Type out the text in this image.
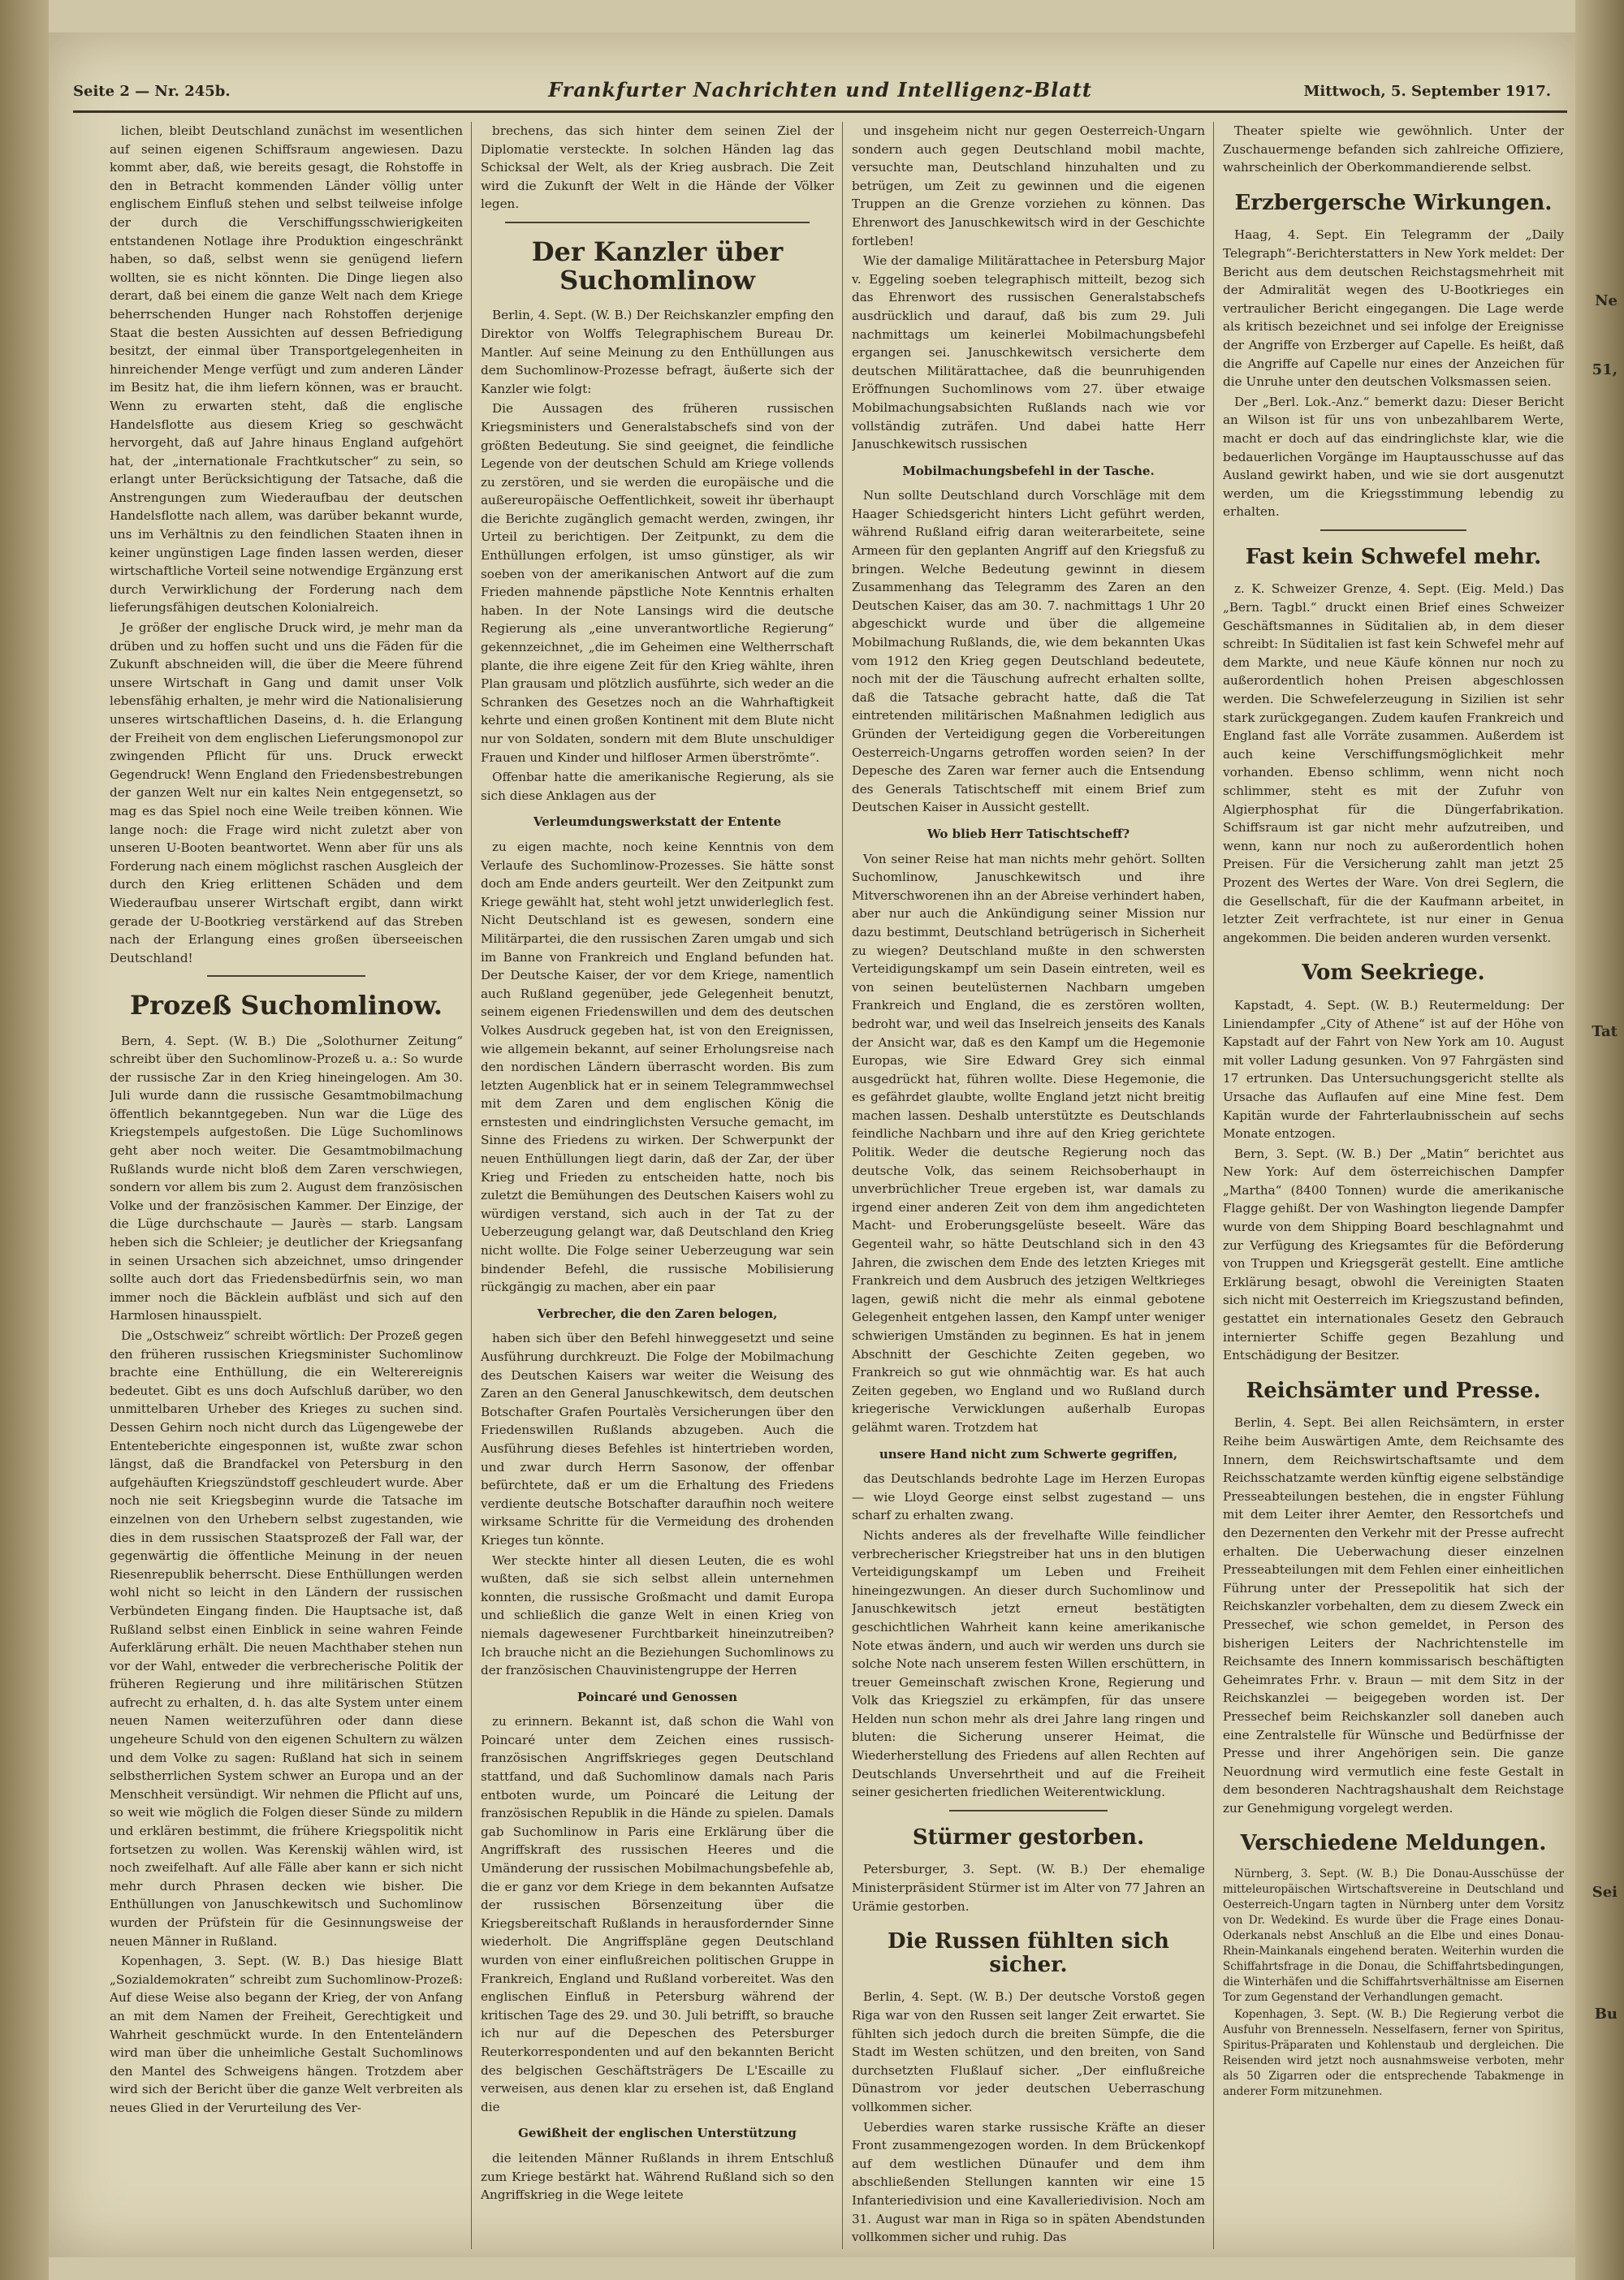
Seite 2 — Nr. 245b.	Frankfurter Nachrichten und Intelligenz-Blatt	Mittwoch, 5. September 1917.

lichen, bleibt Deutschland zunächst im wesentlichen auf seinen eigenen Schiffsraum angewiesen. Dazu kommt aber, daß, wie bereits gesagt, die Rohstoffe in den in Betracht kommenden Länder völlig unter englischem Einfluß stehen und selbst teilweise infolge der durch die Verschiffungsschwierigkeiten entstandenen Notlage ihre Produktion eingeschränkt haben, so daß, selbst wenn sie genügend liefern wollten, sie es nicht könnten. Die Dinge liegen also derart, daß bei einem die ganze Welt nach dem Kriege beherrschenden Hunger nach Rohstoffen derjenige Staat die besten Aussichten auf dessen Befriedigung besitzt, der einmal über Transportgelegenheiten in hinreichender Menge verfügt und zum anderen Länder im Besitz hat, die ihm liefern können, was er braucht. Wenn zu erwarten steht, daß die englische Handelsflotte aus diesem Krieg so geschwächt hervorgeht, daß auf Jahre hinaus England aufgehört hat, der „internationale Frachtkutscher“ zu sein, so erlangt unter Berücksichtigung der Tatsache, daß die Anstrengungen zum Wiederaufbau der deutschen Handelsflotte nach allem, was darüber bekannt wurde, uns im Verhältnis zu den feindlichen Staaten ihnen in keiner ungünstigen Lage finden lassen werden, dieser wirtschaftliche Vorteil seine notwendige Ergänzung erst durch Verwirklichung der Forderung nach dem lieferungsfähigen deutschen Kolonialreich.

Je größer der englische Druck wird, je mehr man da drüben und zu hoffen sucht und uns die Fäden für die Zukunft abschneiden will, die über die Meere führend unsere Wirtschaft in Gang und damit unser Volk lebensfähig erhalten, je mehr wird die Nationalisierung unseres wirtschaftlichen Daseins, d. h. die Erlangung der Freiheit von dem englischen Lieferungsmonopol zur zwingenden Pflicht für uns. Druck erweckt Gegendruck! Wenn England den Friedensbestrebungen der ganzen Welt nur ein kaltes Nein entgegensetzt, so mag es das Spiel noch eine Weile treiben können. Wie lange noch: die Frage wird nicht zuletzt aber von unseren U-Booten beantwortet. Wenn aber für uns als Forderung nach einem möglichst raschen Ausgleich der durch den Krieg erlittenen Schäden und dem Wiederaufbau unserer Wirtschaft ergibt, dann wirkt gerade der U-Bootkrieg verstärkend auf das Streben nach der Erlangung eines großen überseeischen Deutschland!

Prozeß Suchomlinow.

Bern, 4. Sept. (W. B.) Die „Solothurner Zeitung“ schreibt über den Suchomlinow-Prozeß u. a.: So wurde der russische Zar in den Krieg hineingelogen. Am 30. Juli wurde dann die russische Gesamtmobilmachung öffentlich bekanntgegeben. Nun war die Lüge des Kriegstempels aufgestoßen. Die Lüge Suchomlinows geht aber noch weiter. Die Gesamtmobilmachung Rußlands wurde nicht bloß dem Zaren verschwiegen, sondern vor allem bis zum 2. August dem französischen Volke und der französischen Kammer. Der Einzige, der die Lüge durchschaute — Jaurès — starb. Langsam heben sich die Schleier; je deutlicher der Kriegsanfang in seinen Ursachen sich abzeichnet, umso dringender sollte auch dort das Friedensbedürfnis sein, wo man immer noch die Bäcklein aufbläst und sich auf den Harmlosen hinausspielt.

Die „Ostschweiz“ schreibt wörtlich: Der Prozeß gegen den früheren russischen Kriegsminister Suchomlinow brachte eine Enthüllung, die ein Welterereignis bedeutet. Gibt es uns doch Aufschluß darüber, wo den unmittelbaren Urheber des Krieges zu suchen sind. Dessen Gehirn noch nicht durch das Lügengewebe der Ententeberichte eingesponnen ist, wußte zwar schon längst, daß die Brandfackel von Petersburg in den aufgehäuften Kriegszündstoff geschleudert wurde. Aber noch nie seit Kriegsbeginn wurde die Tatsache im einzelnen von den Urhebern selbst zugestanden, wie dies in dem russischen Staatsprozeß der Fall war, der gegenwärtig die öffentliche Meinung in der neuen Riesenrepublik beherrscht. Diese Enthüllungen werden wohl nicht so leicht in den Ländern der russischen Verbündeten Eingang finden. Die Hauptsache ist, daß Rußland selbst einen Einblick in seine wahren Feinde Auferklärung erhält. Die neuen Machthaber stehen nun vor der Wahl, entweder die verbrecherische Politik der früheren Regierung und ihre militärischen Stützen aufrecht zu erhalten, d. h. das alte System unter einem neuen Namen weiterzuführen oder dann diese ungeheure Schuld von den eigenen Schultern zu wälzen und dem Volke zu sagen: Rußland hat sich in seinem selbstherrlichen System schwer an Europa und an der Menschheit versündigt. Wir nehmen die Pflicht auf uns, so weit wie möglich die Folgen dieser Sünde zu mildern und erklären bestimmt, die frühere Kriegspolitik nicht fortsetzen zu wollen. Was Kerenskij wählen wird, ist noch zweifelhaft. Auf alle Fälle aber kann er sich nicht mehr durch Phrasen decken wie bisher. Die Enthüllungen von Januschkewitsch und Suchomlinow wurden der Prüfstein für die Gesinnungsweise der neuen Männer in Rußland.

Kopenhagen, 3. Sept. (W. B.) Das hiesige Blatt „Sozialdemokraten“ schreibt zum Suchomlinow-Prozeß: Auf diese Weise also begann der Krieg, der von Anfang an mit dem Namen der Freiheit, Gerechtigkeit und Wahrheit geschmückt wurde. In den Ententeländern wird man über die unheimliche Gestalt Suchomlinows den Mantel des Schweigens hängen. Trotzdem aber wird sich der Bericht über die ganze Welt verbreiten als neues Glied in der Verurteilung des Ver-

brechens, das sich hinter dem seinen Ziel der Diplomatie versteckte. In solchen Händen lag das Schicksal der Welt, als der Krieg ausbrach. Die Zeit wird die Zukunft der Welt in die Hände der Völker legen.

Der Kanzler über Suchomlinow

Berlin, 4. Sept. (W. B.) Der Reichskanzler empfing den Direktor von Wolffs Telegraphischem Bureau Dr. Mantler. Auf seine Meinung zu den Enthüllungen aus dem Suchomlinow-Prozesse befragt, äußerte sich der Kanzler wie folgt:

Die Aussagen des früheren russischen Kriegsministers und Generalstabschefs sind von der größten Bedeutung. Sie sind geeignet, die feindliche Legende von der deutschen Schuld am Kriege vollends zu zerstören, und sie werden die europäische und die außereuropäische Oeffentlichkeit, soweit ihr überhaupt die Berichte zugänglich gemacht werden, zwingen, ihr Urteil zu berichtigen. Der Zeitpunkt, zu dem die Enthüllungen erfolgen, ist umso günstiger, als wir soeben von der amerikanischen Antwort auf die zum Frieden mahnende päpstliche Note Kenntnis erhalten haben. In der Note Lansings wird die deutsche Regierung als „eine unverantwortliche Regierung“ gekennzeichnet, „die im Geheimen eine Weltherrschaft plante, die ihre eigene Zeit für den Krieg wählte, ihren Plan grausam und plötzlich ausführte, sich weder an die Schranken des Gesetzes noch an die Wahrhaftigkeit kehrte und einen großen Kontinent mit dem Blute nicht nur von Soldaten, sondern mit dem Blute unschuldiger Frauen und Kinder und hilfloser Armen überströmte“.

Offenbar hatte die amerikanische Regierung, als sie sich diese Anklagen aus der

Verleumdungswerkstatt der Entente

zu eigen machte, noch keine Kenntnis von dem Verlaufe des Suchomlinow-Prozesses. Sie hätte sonst doch am Ende anders geurteilt. Wer den Zeitpunkt zum Kriege gewählt hat, steht wohl jetzt unwiderleglich fest. Nicht Deutschland ist es gewesen, sondern eine Militärpartei, die den russischen Zaren umgab und sich im Banne von Frankreich und England befunden hat. Der Deutsche Kaiser, der vor dem Kriege, namentlich auch Rußland gegenüber, jede Gelegenheit benutzt, seinem eigenen Friedenswillen und dem des deutschen Volkes Ausdruck gegeben hat, ist von den Ereignissen, wie allgemein bekannt, auf seiner Erholungsreise nach den nordischen Ländern überrascht worden. Bis zum letzten Augenblick hat er in seinem Telegrammwechsel mit dem Zaren und dem englischen König die ernstesten und eindringlichsten Versuche gemacht, im Sinne des Friedens zu wirken. Der Schwerpunkt der neuen Enthüllungen liegt darin, daß der Zar, der über Krieg und Frieden zu entscheiden hatte, noch bis zuletzt die Bemühungen des Deutschen Kaisers wohl zu würdigen verstand, sich auch in der Tat zu der Ueberzeugung gelangt war, daß Deutschland den Krieg nicht wollte. Die Folge seiner Ueberzeugung war sein bindender Befehl, die russische Mobilisierung rückgängig zu machen, aber ein paar

Verbrecher, die den Zaren belogen,

haben sich über den Befehl hinweggesetzt und seine Ausführung durchkreuzt. Die Folge der Mobilmachung des Deutschen Kaisers war weiter die Weisung des Zaren an den General Januschkewitsch, dem deutschen Botschafter Grafen Pourtalès Versicherungen über den Friedenswillen Rußlands abzugeben. Auch die Ausführung dieses Befehles ist hintertrieben worden, und zwar durch Herrn Sasonow, der offenbar befürchtete, daß er um die Erhaltung des Friedens verdiente deutsche Botschafter daraufhin noch weitere wirksame Schritte für die Vermeidung des drohenden Krieges tun könnte.

Wer steckte hinter all diesen Leuten, die es wohl wußten, daß sie sich selbst allein unternehmen konnten, die russische Großmacht und damit Europa und schließlich die ganze Welt in einen Krieg von niemals dagewesener Furchtbarkeit hineinzutreiben? Ich brauche nicht an die Beziehungen Suchomlinows zu der französischen Chauvinistengruppe der Herren

Poincaré und Genossen

zu erinnern. Bekannt ist, daß schon die Wahl von Poincaré unter dem Zeichen eines russisch-französischen Angriffskrieges gegen Deutschland stattfand, und daß Suchomlinow damals nach Paris entboten wurde, um Poincaré die Leitung der französischen Republik in die Hände zu spielen. Damals gab Suchomlinow in Paris eine Erklärung über die Angriffskraft des russischen Heeres und die Umänderung der russischen Mobilmachungsbefehle ab, die er ganz vor dem Kriege in dem bekannten Aufsatze der russischen Börsenzeitung über die Kriegsbereitschaft Rußlands in herausfordernder Sinne wiederholt. Die Angriffspläne gegen Deutschland wurden von einer einflußreichen politischen Gruppe in Frankreich, England und Rußland vorbereitet. Was den englischen Einfluß in Petersburg während der kritischen Tage des 29. und 30. Juli betrifft, so brauche ich nur auf die Depeschen des Petersburger Reuterkorrespondenten und auf den bekannten Bericht des belgischen Geschäftsträgers De L'Escaille zu verweisen, aus denen klar zu ersehen ist, daß England die

Gewißheit der englischen Unterstützung

die leitenden Männer Rußlands in ihrem Entschluß zum Kriege bestärkt hat. Während Rußland sich so den Angriffskrieg in die Wege leitete

und insgeheim nicht nur gegen Oesterreich-Ungarn sondern auch gegen Deutschland mobil machte, versuchte man, Deutschland hinzuhalten und zu betrügen, um Zeit zu gewinnen und die eigenen Truppen an die Grenze vorziehen zu können. Das Ehrenwort des Januschkewitsch wird in der Geschichte fortleben!

Wie der damalige Militärattachee in Petersburg Major v. Eggeling soeben telegraphisch mitteilt, bezog sich das Ehrenwort des russischen Generalstabschefs ausdrücklich und darauf, daß bis zum 29. Juli nachmittags um keinerlei Mobilmachungsbefehl ergangen sei. Januschkewitsch versicherte dem deutschen Militärattachee, daß die beunruhigenden Eröffnungen Suchomlinows vom 27. über etwaige Mobilmachungsabsichten Rußlands nach wie vor vollständig zuträfen. Und dabei hatte Herr Januschkewitsch russischen

Mobilmachungsbefehl in der Tasche.

Nun sollte Deutschland durch Vorschläge mit dem Haager Schiedsgericht hinters Licht geführt werden, während Rußland eifrig daran weiterarbeitete, seine Armeen für den geplanten Angriff auf den Kriegsfuß zu bringen. Welche Bedeutung gewinnt in diesem Zusammenhang das Telegramm des Zaren an den Deutschen Kaiser, das am 30. 7. nachmittags 1 Uhr 20 abgeschickt wurde und über die allgemeine Mobilmachung Rußlands, die, wie dem bekannten Ukas vom 1912 den Krieg gegen Deutschland bedeutete, noch mit der die Täuschung aufrecht erhalten sollte, daß die Tatsache gebracht hatte, daß die Tat eintretenden militärischen Maßnahmen lediglich aus Gründen der Verteidigung gegen die Vorbereitungen Oesterreich-Ungarns getroffen worden seien? In der Depesche des Zaren war ferner auch die Entsendung des Generals Tatischtscheff mit einem Brief zum Deutschen Kaiser in Aussicht gestellt.

Wo blieb Herr Tatischtscheff?

Von seiner Reise hat man nichts mehr gehört. Sollten Suchomlinow, Januschkewitsch und ihre Mitverschworenen ihn an der Abreise verhindert haben, aber nur auch die Ankündigung seiner Mission nur dazu bestimmt, Deutschland betrügerisch in Sicherheit zu wiegen? Deutschland mußte in den schwersten Verteidigungskampf um sein Dasein eintreten, weil es von seinen beutelüsternen Nachbarn umgeben Frankreich und England, die es zerstören wollten, bedroht war, und weil das Inselreich jenseits des Kanals der Ansicht war, daß es den Kampf um die Hegemonie Europas, wie Sire Edward Grey sich einmal ausgedrückt hat, führen wollte. Diese Hegemonie, die es gefährdet glaubte, wollte England jetzt nicht breitig machen lassen. Deshalb unterstützte es Deutschlands feindliche Nachbarn und ihre auf den Krieg gerichtete Politik. Weder die deutsche Regierung noch das deutsche Volk, das seinem Reichsoberhaupt in unverbrüchlicher Treue ergeben ist, war damals zu irgend einer anderen Zeit von dem ihm angedichteten Macht- und Eroberungsgelüste beseelt. Wäre das Gegenteil wahr, so hätte Deutschland sich in den 43 Jahren, die zwischen dem Ende des letzten Krieges mit Frankreich und dem Ausbruch des jetzigen Weltkrieges lagen, gewiß nicht die mehr als einmal gebotene Gelegenheit entgehen lassen, den Kampf unter weniger schwierigen Umständen zu beginnen. Es hat in jenem Abschnitt der Geschichte Zeiten gegeben, wo Frankreich so gut wie ohnmächtig war. Es hat auch Zeiten gegeben, wo England und wo Rußland durch kriegerische Verwicklungen außerhalb Europas gelähmt waren. Trotzdem hat

unsere Hand nicht zum Schwerte gegriffen,

das Deutschlands bedrohte Lage im Herzen Europas — wie Lloyd George einst selbst zugestand — uns scharf zu erhalten zwang.

Nichts anderes als der frevelhafte Wille feindlicher verbrecherischer Kriegstreiber hat uns in den blutigen Verteidigungskampf um Leben und Freiheit hineingezwungen. An dieser durch Suchomlinow und Januschkewitsch jetzt erneut bestätigten geschichtlichen Wahrheit kann keine amerikanische Note etwas ändern, und auch wir werden uns durch sie solche Note nach unserem festen Willen erschüttern, in treuer Gemeinschaft zwischen Krone, Regierung und Volk das Kriegsziel zu erkämpfen, für das unsere Helden nun schon mehr als drei Jahre lang ringen und bluten: die Sicherung unserer Heimat, die Wiederherstellung des Friedens auf allen Rechten auf Deutschlands Unversehrtheit und auf die Freiheit seiner gesicherten friedlichen Weiterentwicklung.

Stürmer gestorben.

Petersburger, 3. Sept. (W. B.) Der ehemalige Ministerpräsident Stürmer ist im Alter von 77 Jahren an Urämie gestorben.

Die Russen fühlten sich sicher.

Berlin, 4. Sept. (W. B.) Der deutsche Vorstoß gegen Riga war von den Russen seit langer Zeit erwartet. Sie fühlten sich jedoch durch die breiten Sümpfe, die die Stadt im Westen schützen, und den breiten, von Sand durchsetzten Flußlauf sicher. „Der einflußreiche Dünastrom vor jeder deutschen Ueberraschung vollkommen sicher.

Ueberdies waren starke russische Kräfte an dieser Front zusammengezogen worden. In dem Brückenkopf auf dem westlichen Dünaufer und dem ihm abschließenden Stellungen kannten wir eine 15 Infanteriedivision und eine Kavalleriedivision. Noch am 31. August war man in Riga so in späten Abendstunden vollkommen sicher und ruhig. Das

Theater spielte wie gewöhnlich. Unter der Zuschauermenge befanden sich zahlreiche Offiziere, wahrscheinlich der Oberkommandierende selbst.

Erzbergersche Wirkungen.

Haag, 4. Sept. Ein Telegramm der „Daily Telegraph“-Berichterstatters in New York meldet: Der Bericht aus dem deutschen Reichstagsmehrheit mit der Admiralität wegen des U-Bootkrieges ein vertraulicher Bericht eingegangen. Die Lage werde als kritisch bezeichnet und sei infolge der Ereignisse der Angriffe von Erzberger auf Capelle. Es heißt, daß die Angriffe auf Capelle nur eines der Anzeichen für die Unruhe unter den deutschen Volksmassen seien.

Der „Berl. Lok.-Anz.“ bemerkt dazu: Dieser Bericht an Wilson ist für uns von unbezahlbarem Werte, macht er doch auf das eindringlichste klar, wie die bedauerlichen Vorgänge im Hauptausschusse auf das Ausland gewirkt haben, und wie sie dort ausgenutzt werden, um die Kriegsstimmung lebendig zu erhalten.

Fast kein Schwefel mehr.

z. K. Schweizer Grenze, 4. Sept. (Eig. Meld.) Das „Bern. Tagbl.“ druckt einen Brief eines Schweizer Geschäftsmannes in Süditalien ab, in dem dieser schreibt: In Süditalien ist fast kein Schwefel mehr auf dem Markte, und neue Käufe können nur noch zu außerordentlich hohen Preisen abgeschlossen werden. Die Schwefelerzeugung in Sizilien ist sehr stark zurückgegangen. Zudem kaufen Frankreich und England fast alle Vorräte zusammen. Außerdem ist auch keine Verschiffungsmöglichkeit mehr vorhanden. Ebenso schlimm, wenn nicht noch schlimmer, steht es mit der Zufuhr von Algierphosphat für die Düngerfabrikation. Schiffsraum ist gar nicht mehr aufzutreiben, und wenn, kann nur noch zu außerordentlich hohen Preisen. Für die Versicherung zahlt man jetzt 25 Prozent des Wertes der Ware. Von drei Seglern, die die Gesellschaft, für die der Kaufmann arbeitet, in letzter Zeit verfrachtete, ist nur einer in Genua angekommen. Die beiden anderen wurden versenkt.

Vom Seekriege.

Kapstadt, 4. Sept. (W. B.) Reutermeldung: Der Liniendampfer „City of Athene“ ist auf der Höhe von Kapstadt auf der Fahrt von New York am 10. August mit voller Ladung gesunken. Von 97 Fahrgästen sind 17 ertrunken. Das Untersuchungsgericht stellte als Ursache das Auflaufen auf eine Mine fest. Dem Kapitän wurde der Fahrterlaubnisschein auf sechs Monate entzogen.

Bern, 3. Sept. (W. B.) Der „Matin“ berichtet aus New York: Auf dem österreichischen Dampfer „Martha“ (8400 Tonnen) wurde die amerikanische Flagge gehißt. Der von Washington liegende Dampfer wurde von dem Shipping Board beschlagnahmt und zur Verfügung des Kriegsamtes für die Beförderung von Truppen und Kriegsgerät gestellt. Eine amtliche Erklärung besagt, obwohl die Vereinigten Staaten sich nicht mit Oesterreich im Kriegszustand befinden, gestattet ein internationales Gesetz den Gebrauch internierter Schiffe gegen Bezahlung und Entschädigung der Besitzer.

Reichsämter und Presse.

Berlin, 4. Sept. Bei allen Reichsämtern, in erster Reihe beim Auswärtigen Amte, dem Reichsamte des Innern, dem Reichswirtschaftsamte und dem Reichsschatzamte werden künftig eigene selbständige Presseabteilungen bestehen, die in engster Fühlung mit dem Leiter ihrer Aemter, den Ressortchefs und den Dezernenten den Verkehr mit der Presse aufrecht erhalten. Die Ueberwachung dieser einzelnen Presseabteilungen mit dem Fehlen einer einheitlichen Führung unter der Pressepolitik hat sich der Reichskanzler vorbehalten, dem zu diesem Zweck ein Pressechef, wie schon gemeldet, in Person des bisherigen Leiters der Nachrichtenstelle im Reichsamte des Innern kommissarisch beschäftigten Geheimrates Frhr. v. Braun — mit dem Sitz in der Reichskanzlei — beigegeben worden ist. Der Pressechef beim Reichskanzler soll daneben auch eine Zentralstelle für Wünsche und Bedürfnisse der Presse und ihrer Angehörigen sein. Die ganze Neuordnung wird vermutlich eine feste Gestalt in dem besonderen Nachtragshaushalt dem Reichstage zur Genehmigung vorgelegt werden.

Verschiedene Meldungen.

Nürnberg, 3. Sept. (W. B.) Die Donau-Ausschüsse der mitteleuropäischen Wirtschaftsvereine in Deutschland und Oesterreich-Ungarn tagten in Nürnberg unter dem Vorsitz von Dr. Wedekind. Es wurde über die Frage eines Donau-Oderkanals nebst Anschluß an die Elbe und eines Donau-Rhein-Mainkanals eingehend beraten. Weiterhin wurden die Schiffahrtsfrage in die Donau, die Schiffahrtsbedingungen, die Winterhäfen und die Schiffahrtsverhältnisse am Eisernen Tor zum Gegenstand der Verhandlungen gemacht.

Kopenhagen, 3. Sept. (W. B.) Die Regierung verbot die Ausfuhr von Brennesseln. Nesselfasern, ferner von Spiritus, Spiritus-Präparaten und Kohlenstaub und dergleichen. Die Reisenden wird jetzt noch ausnahmsweise verboten, mehr als 50 Zigarren oder die entsprechende Tabakmenge in anderer Form mitzunehmen.

Ne
51,
Tat
Sei
Bu
